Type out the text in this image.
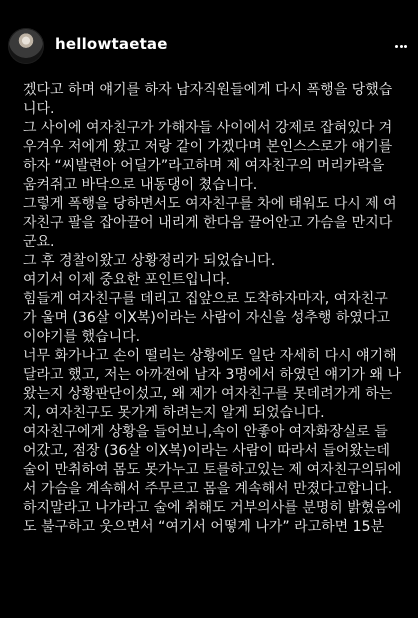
hellowtaetae

겠다고 하며 얘기를 하자 남자직원들에게 다시 폭행을 당했습
니다.
그 사이에 여자친구가 가해자들 사이에서 강제로 잡혀있다 겨
우겨우 저에게 왔고 저랑 같이 가겠다며 본인스스로가 얘기를
하자 “씨발련아 어딜가”라고하며 제 여자친구의 머리카락을
움켜쥐고 바닥으로 내동댕이 쳤습니다.
그렇게 폭행을 당하면서도 여자친구를 차에 태워도 다시 제 여
자친구 팔을 잡아끌어 내리게 한다음 끌어안고 가슴을 만지다
군요.
그 후 경찰이왔고 상황정리가 되었습니다.
여기서 이제 중요한 포인트입니다.
힘들게 여자친구를 데리고 집앞으로 도착하자마자, 여자친구
가 울며 (36살 이X복)이라는 사람이 자신을 성추행 하였다고
이야기를 했습니다.
너무 화가나고 손이 떨리는 상황에도 일단 자세히 다시 얘기해
달라고 했고, 저는 아까전에 남자 3명에서 하였던 얘기가 왜 나
왔는지 상황판단이섰고, 왜 제가 여자친구를 못데려가게 하는
지, 여자친구도 못가게 하려는지 알게 되었습니다.
여자친구에게 상황을 들어보니,속이 안좋아 여자화장실로 들
어갔고, 점장 (36살 이X복)이라는 사람이 따라서 들어왔는데
술이 만취하여 몸도 못가누고 토를하고있는 제 여자친구의뒤에
서 가슴을 계속해서 주무르고 몸을 계속해서 만졌다고합니다.
하지말라고 나가라고 술에 취해도 거부의사를 분명히 밝혔음에
도 불구하고 웃으면서 “여기서 어떻게 나가” 라고하면 15분
